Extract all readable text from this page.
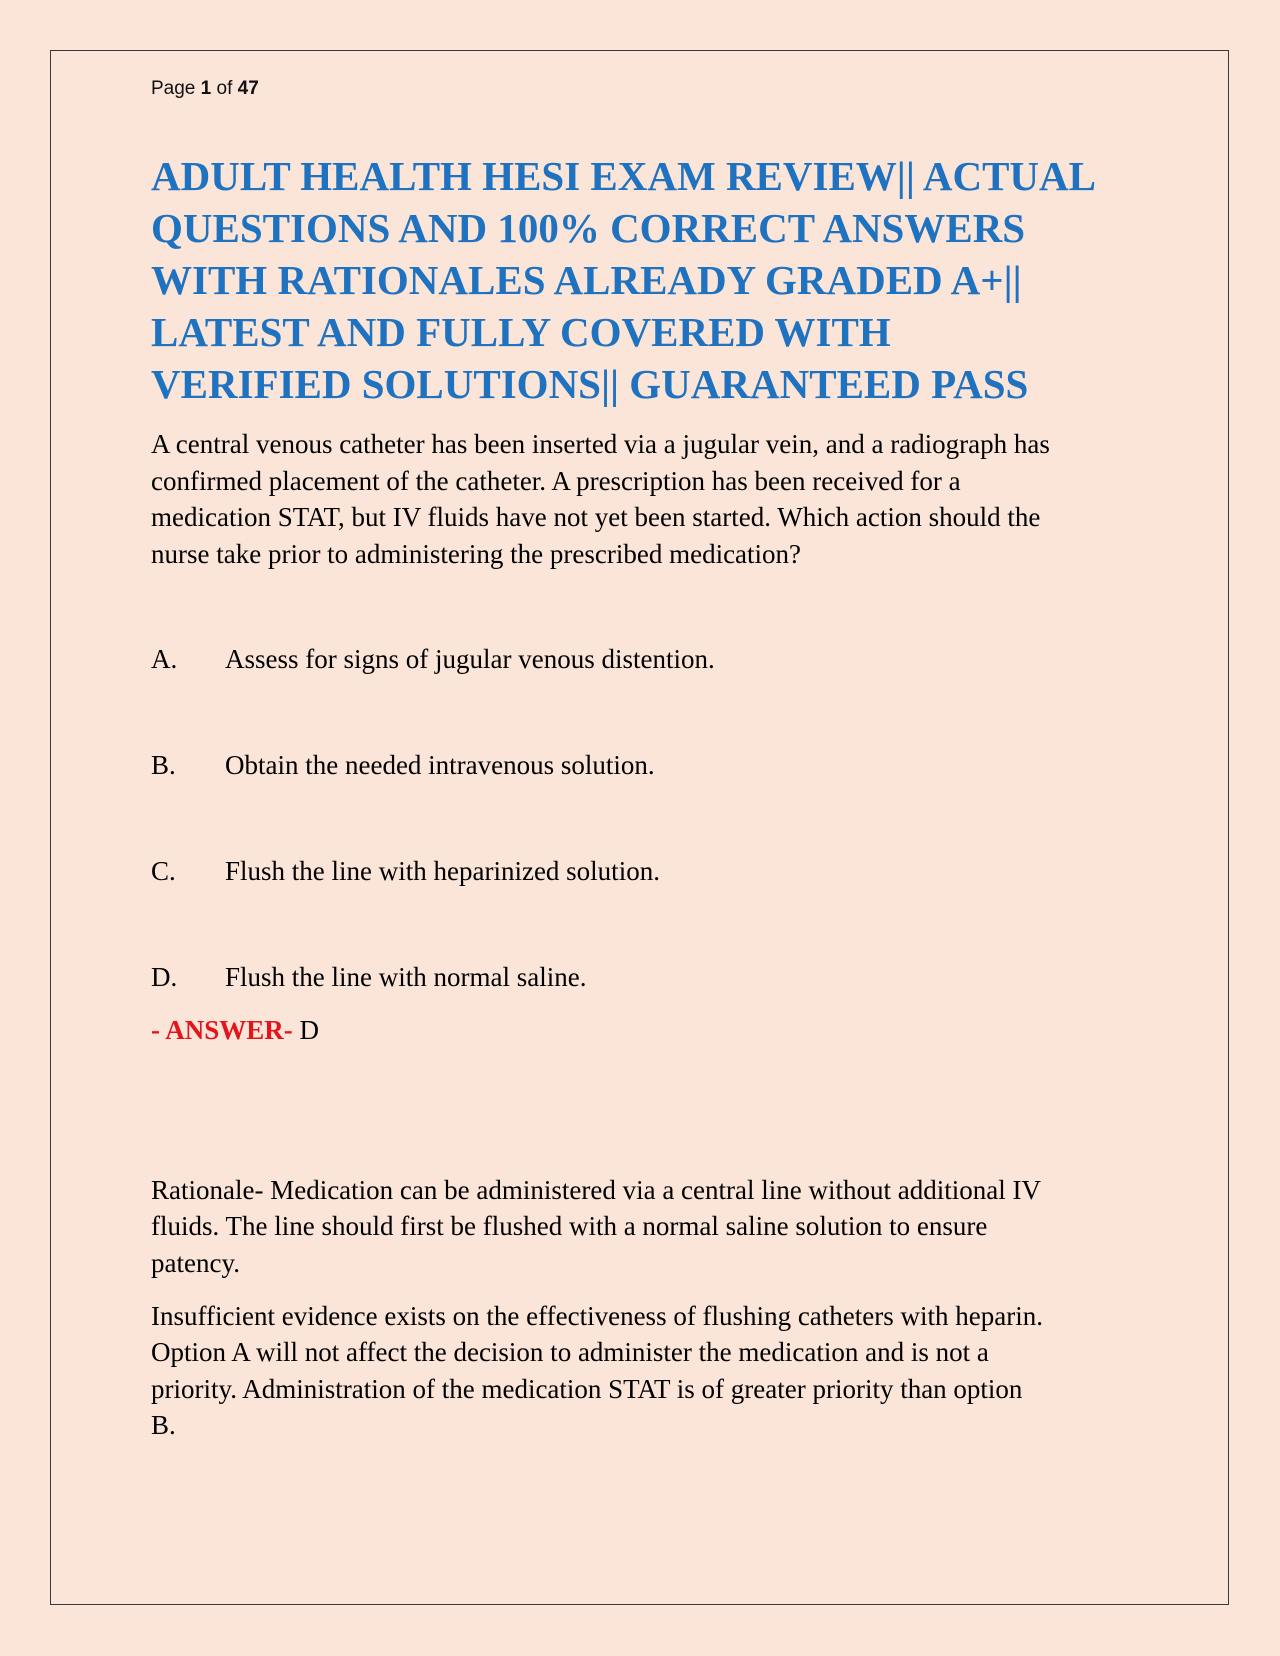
Page 1 of 47
ADULT HEALTH HESI EXAM REVIEW|| ACTUAL
QUESTIONS AND 100% CORRECT ANSWERS
WITH RATIONALES ALREADY GRADED A+||
LATEST AND FULLY COVERED WITH
VERIFIED SOLUTIONS|| GUARANTEED PASS
A central venous catheter has been inserted via a jugular vein, and a radiograph has
confirmed placement of the catheter. A prescription has been received for a
medication STAT, but IV fluids have not yet been started. Which action should the
nurse take prior to administering the prescribed medication?
A. Assess for signs of jugular venous distention.
B. Obtain the needed intravenous solution.
C. Flush the line with heparinized solution.
D. Flush the line with normal saline.
- ANSWER- D
Rationale- Medication can be administered via a central line without additional IV
fluids. The line should first be flushed with a normal saline solution to ensure
patency.
Insufficient evidence exists on the effectiveness of flushing catheters with heparin.
Option A will not affect the decision to administer the medication and is not a
priority. Administration of the medication STAT is of greater priority than option
B.
